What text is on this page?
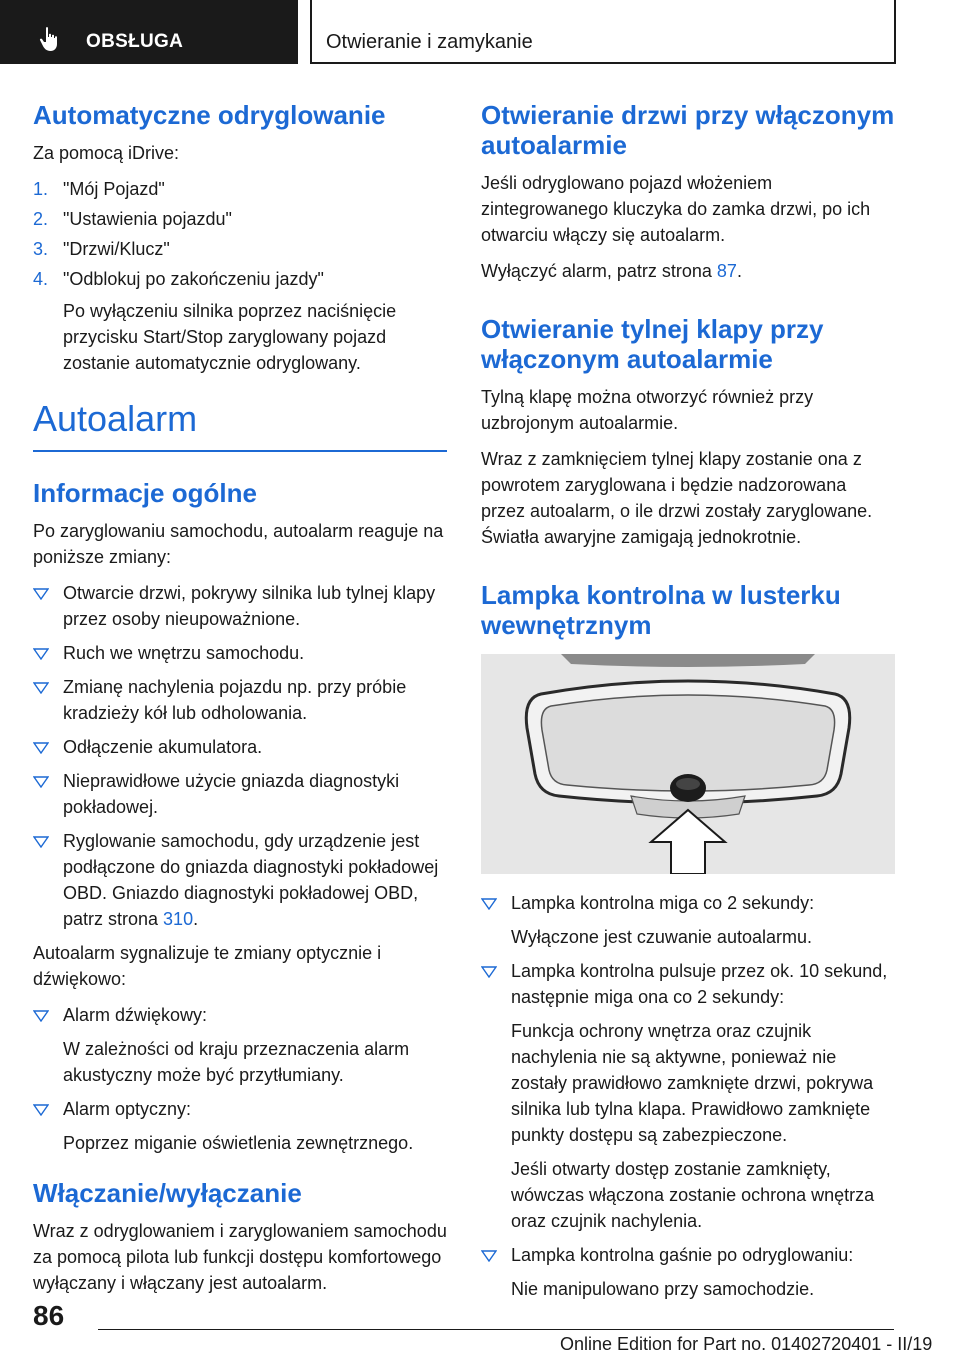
OBSŁUGA	Otwieranie i zamykanie
Automatyczne odryglowanie
Za pomocą iDrive:
1. "Mój Pojazd"
2. "Ustawienia pojazdu"
3. "Drzwi/Klucz"
4. "Odblokuj po zakończeniu jazdy"
Po wyłączeniu silnika poprzez naciśnięcie przycisku Start/Stop zaryglowany pojazd zostanie automatycznie odryglowany.
Autoalarm
Informacje ogólne
Po zaryglowaniu samochodu, autoalarm reaguje na poniższe zmiany:
Otwarcie drzwi, pokrywy silnika lub tylnej klapy przez osoby nieupoważnione.
Ruch we wnętrzu samochodu.
Zmianę nachylenia pojazdu np. przy próbie kradzieży kół lub odholowania.
Odłączenie akumulatora.
Nieprawidłowe użycie gniazda diagnostyki pokładowej.
Ryglowanie samochodu, gdy urządzenie jest podłączone do gniazda diagnostyki pokładowej OBD. Gniazdo diagnostyki pokładowej OBD, patrz strona 310.
Autoalarm sygnalizuje te zmiany optycznie i dźwiękowo:
Alarm dźwiękowy:
W zależności od kraju przeznaczenia alarm akustyczny może być przytłumiany.
Alarm optyczny:
Poprzez miganie oświetlenia zewnętrznego.
Włączanie/wyłączanie
Wraz z odryglowaniem i zaryglowaniem samochodu za pomocą pilota lub funkcji dostępu komfortowego wyłączany i włączany jest autoalarm.
Otwieranie drzwi przy włączonym autoalarmie
Jeśli odryglowano pojazd włożeniem zintegrowanego kluczyka do zamka drzwi, po ich otwarciu włączy się autoalarm.
Wyłączyć alarm, patrz strona 87.
Otwieranie tylnej klapy przy włączonym autoalarmie
Tylną klapę można otworzyć również przy uzbrojonym autoalarmie.
Wraz z zamknięciem tylnej klapy zostanie ona z powrotem zaryglowana i będzie nadzorowana przez autoalarm, o ile drzwi zostały zaryglowane. Światła awaryjne zamigają jednokrotnie.
Lampka kontrolna w lusterku wewnętrznym
Lampka kontrolna miga co 2 sekundy:
Wyłączone jest czuwanie autoalarmu.
Lampka kontrolna pulsuje przez ok. 10 sekund, następnie miga ona co 2 sekundy:
Funkcja ochrony wnętrza oraz czujnik nachylenia nie są aktywne, ponieważ nie zostały prawidłowo zamknięte drzwi, pokrywa silnika lub tylna klapa. Prawidłowo zamknięte punkty dostępu są zabezpieczone.
Jeśli otwarty dostęp zostanie zamknięty, wówczas włączona zostanie ochrona wnętrza oraz czujnik nachylenia.
Lampka kontrolna gaśnie po odryglowaniu:
Nie manipulowano przy samochodzie.
86
Online Edition for Part no. 01402720401 - II/19
